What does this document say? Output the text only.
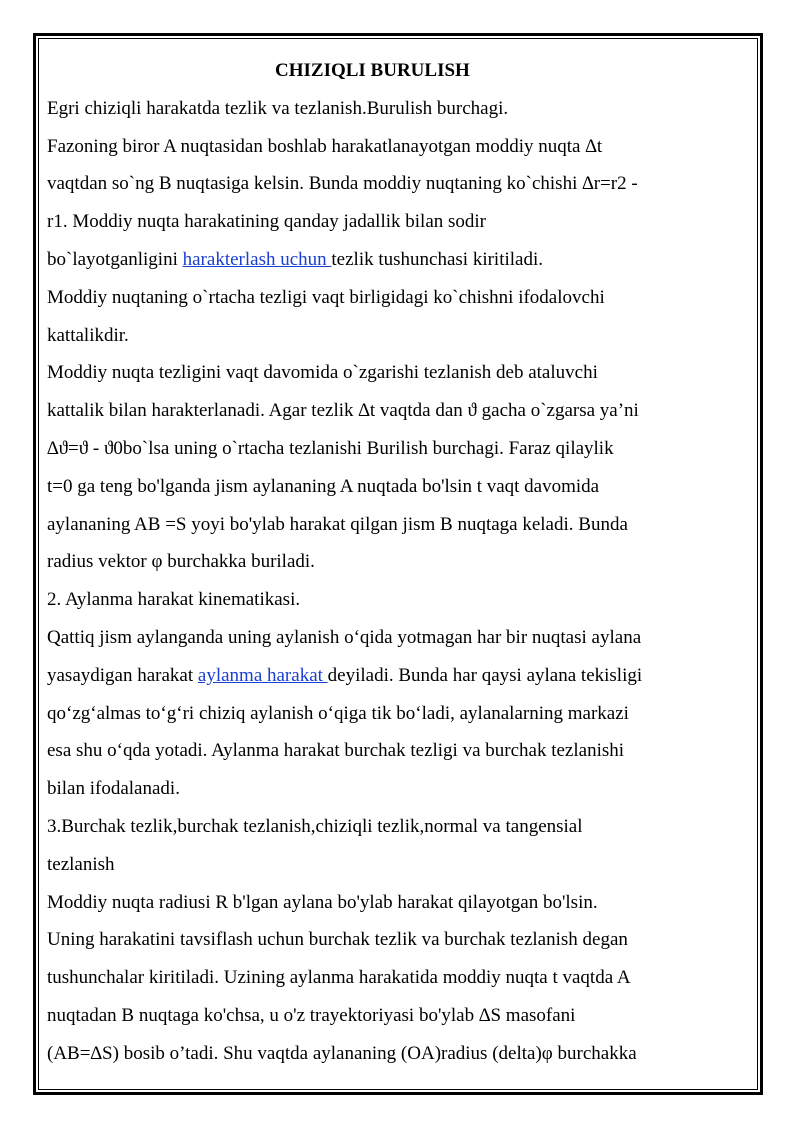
CHIZIQLI BURULISH

Egri chiziqli harakatda tezlik va tezlanish.Burulish burchagi.

Fazoning biror A nuqtasidan boshlab harakatlanayotgan moddiy nuqta ∆t

vaqtdan so`ng B nuqtasiga kelsin. Bunda moddiy nuqtaning ko`chishi ∆r=r2 -

r1. Moddiy nuqta harakatining qanday jadallik bilan sodir

bo`layotganligini harakterlash uchun tezlik tushunchasi kiritiladi.

Moddiy nuqtaning o`rtacha tezligi vaqt birligidagi ko`chishni ifodalovchi

kattalikdir.

Moddiy nuqta tezligini vaqt davomida o`zgarishi tezlanish deb ataluvchi

kattalik bilan harakterlanadi. Agar tezlik ∆t vaqtda dan ϑ gacha o`zgarsa ya’ni

∆ϑ=ϑ - ϑ0bo`lsa uning o`rtacha tezlanishi Burilish burchagi. Faraz qilaylik

t=0 ga teng bo'lganda jism aylananing A nuqtada bo'lsin t vaqt davomida

aylananing AB =S yoyi bo'ylab harakat qilgan jism B nuqtaga keladi. Bunda

radius vektor φ burchakka buriladi.

2. Aylanma harakat kinematikasi.

Qattiq jism aylanganda uning aylanish o‘qida yotmagan har bir nuqtasi aylana

yasaydigan harakat aylanma harakat deyiladi. Bunda har qaysi aylana tekisligi

qo‘zg‘almas to‘g‘ri chiziq aylanish o‘qiga tik bo‘ladi, aylanalarning markazi

esa shu o‘qda yotadi. Aylanma harakat burchak tezligi va burchak tezlanishi

bilan ifodalanadi.

3.Burchak tezlik,burchak tezlanish,chiziqli tezlik,normal va tangensial

tezlanish

Moddiy nuqta radiusi R b'lgan aylana bo'ylab harakat qilayotgan bo'lsin.

Uning harakatini tavsiflash uchun burchak tezlik va burchak tezlanish degan

tushunchalar kiritiladi. Uzining aylanma harakatida moddiy nuqta t vaqtda A

nuqtadan B nuqtaga ko'chsa, u o'z trayektoriyasi bo'ylab ∆S masofani

(AB=∆S) bosib o’tadi. Shu vaqtda aylananing (OA)radius (delta)φ burchakka
